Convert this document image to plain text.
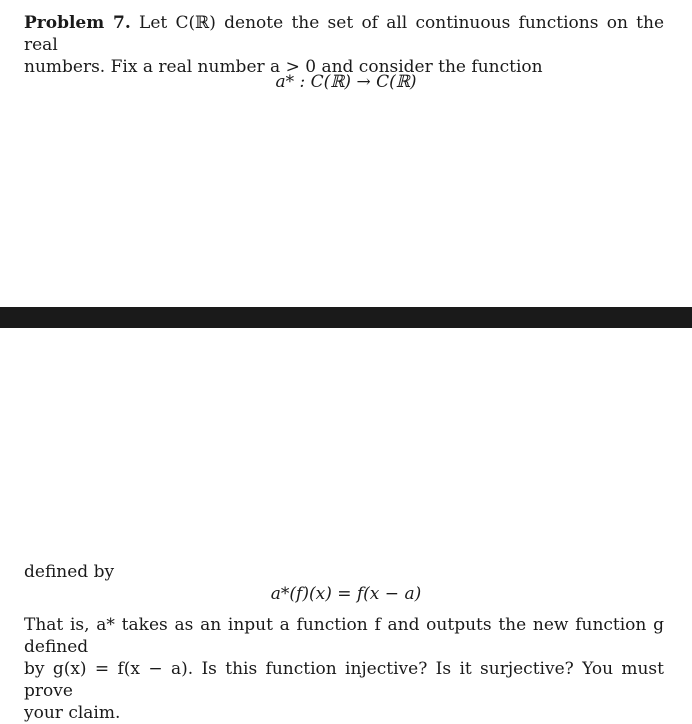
Problem 7. Let C(ℝ) denote the set of all continuous functions on the real
numbers. Fix a real number a > 0 and consider the function
a* : C(ℝ) → C(ℝ)
defined by
a*(f)(x) = f(x − a)
That is, a* takes as an input a function f and outputs the new function g defined
by g(x) = f(x − a). Is this function injective? Is it surjective? You must prove
your claim.
